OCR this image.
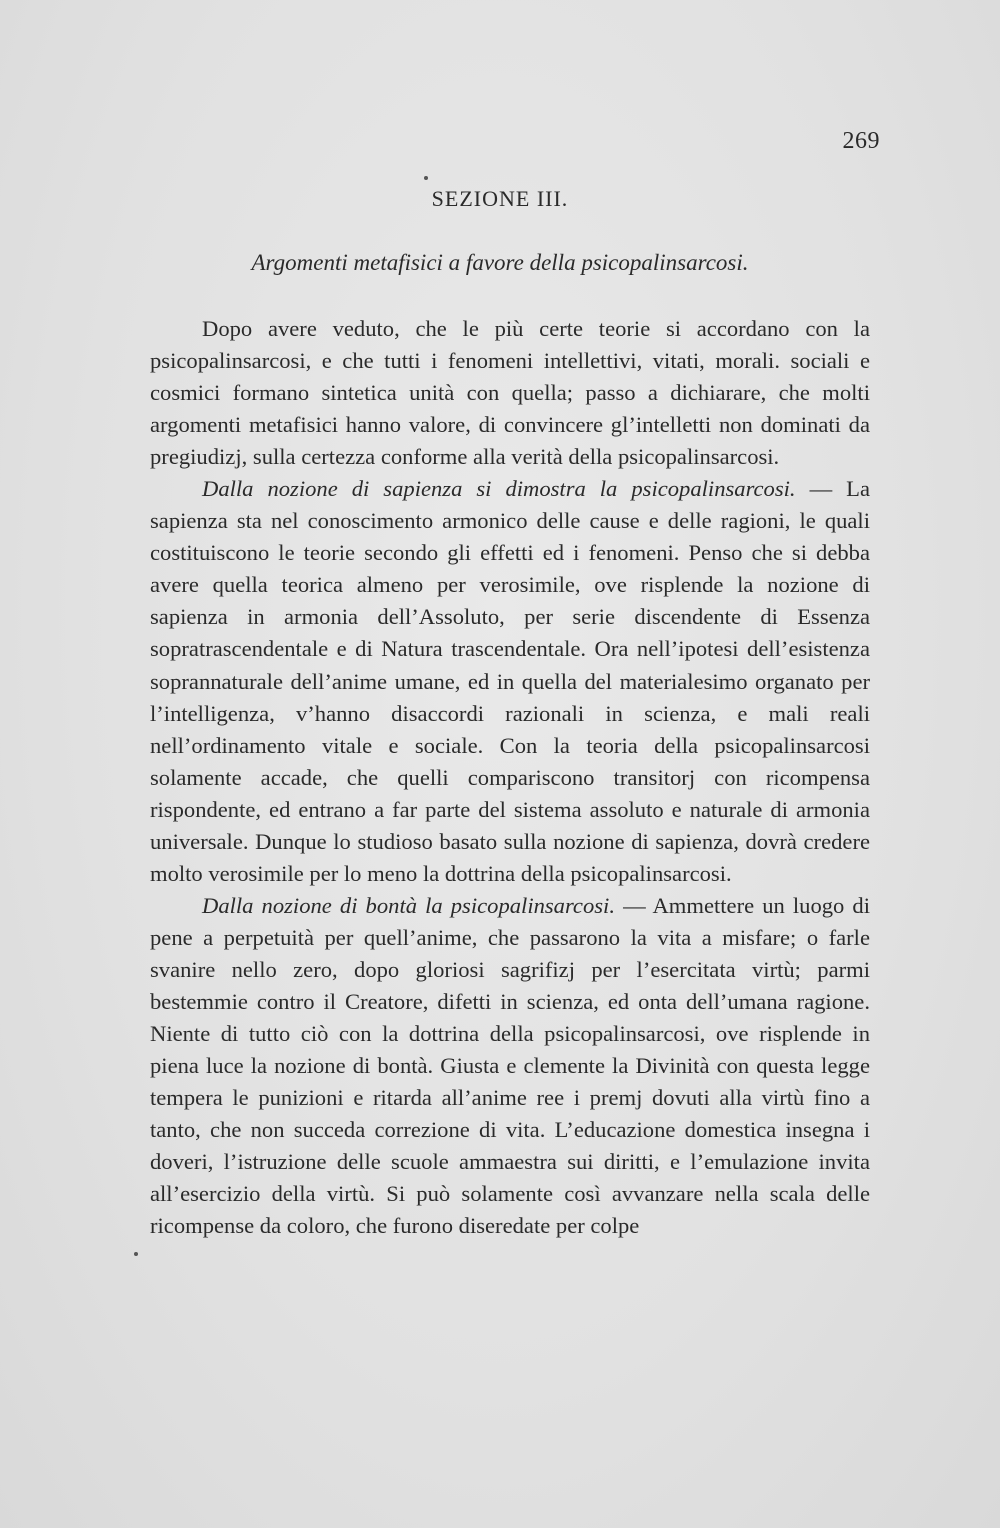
269
SEZIONE III.
Argomenti metafisici a favore della psicopalinsarcosi.

Dopo avere veduto, che le più certe teorie si accordano con la psicopalinsarcosi, e che tutti i fenomeni intellettivi, vitati, morali. sociali e cosmici formano sintetica unità con quella; passo a dichiarare, che molti argomenti metafisici hanno valore, di convincere gl’intelletti non dominati da pregiudizj, sulla certezza conforme alla verità della psicopalinsarcosi.

Dalla nozione di sapienza si dimostra la psicopalinsarcosi. — La sapienza sta nel conoscimento armonico delle cause e delle ragioni, le quali costituiscono le teorie secondo gli effetti ed i fenomeni. Penso che si debba avere quella teorica almeno per verosimile, ove risplende la nozione di sapienza in armonia dell’Assoluto, per serie discendente di Essenza sopratrascendentale e di Natura trascendentale. Ora nell’ipotesi dell’esistenza soprannaturale dell’anime umane, ed in quella del materialesimo organato per l’intelligenza, v’hanno disaccordi razionali in scienza, e mali reali nell’ordinamento vitale e sociale. Con la teoria della psicopalinsarcosi solamente accade, che quelli compariscono transitorj con ricompensa rispondente, ed entrano a far parte del sistema assoluto e naturale di armonia universale. Dunque lo studioso basato sulla nozione di sapienza, dovrà credere molto verosimile per lo meno la dottrina della psicopalinsarcosi.

Dalla nozione di bontà la psicopalinsarcosi. — Ammettere un luogo di pene a perpetuità per quell’anime, che passarono la vita a misfare; o farle svanire nello zero, dopo gloriosi sagrifizj per l’esercitata virtù; parmi bestemmie contro il Creatore, difetti in scienza, ed onta dell’umana ragione. Niente di tutto ciò con la dottrina della psicopalinsarcosi, ove risplende in piena luce la nozione di bontà. Giusta e clemente la Divinità con questa legge tempera le punizioni e ritarda all’anime ree i premj dovuti alla virtù fino a tanto, che non succeda correzione di vita. L’educazione domestica insegna i doveri, l’istruzione delle scuole ammaestra sui diritti, e l’emulazione invita all’esercizio della virtù. Si può solamente così avvanzare nella scala delle ricompense da coloro, che furono diseredate per colpe
